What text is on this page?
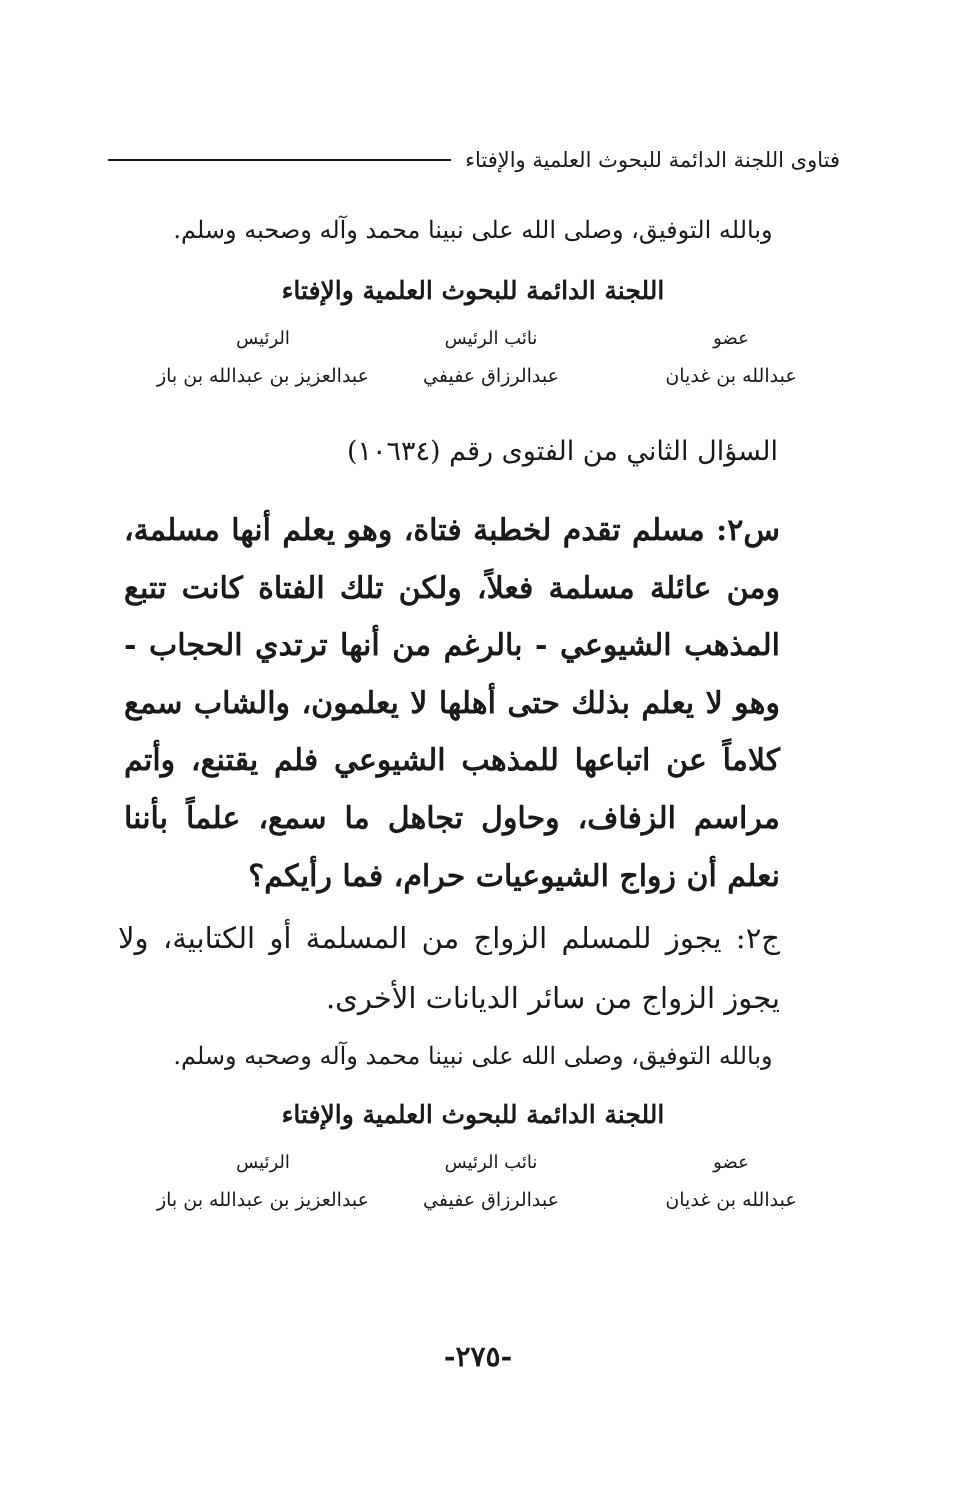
فتاوى اللجنة الدائمة للبحوث العلمية والإفتاء
وبالله التوفيق، وصلى الله على نبينا محمد وآله وصحبه وسلم.
اللجنة الدائمة للبحوث العلمية والإفتاء
عضو
عبدالله بن غديان
نائب الرئيس
عبدالرزاق عفيفي
الرئيس
عبدالعزيز بن عبدالله بن باز
السؤال الثاني من الفتوى رقم (١٠٦٣٤)
س٢: مسلم تقدم لخطبة فتاة، وهو يعلم أنها مسلمة، ومن عائلة مسلمة فعلاً، ولكن تلك الفتاة كانت تتبع المذهب الشيوعي - بالرغم من أنها ترتدي الحجاب - وهو لا يعلم بذلك حتى أهلها لا يعلمون، والشاب سمع كلاماً عن اتباعها للمذهب الشيوعي فلم يقتنع، وأتم مراسم الزفاف، وحاول تجاهل ما سمع، علماً بأننا نعلم أن زواج الشيوعيات حرام، فما رأيكم؟
ج٢: يجوز للمسلم الزواج من المسلمة أو الكتابية، ولا يجوز الزواج من سائر الديانات الأخرى.
وبالله التوفيق، وصلى الله على نبينا محمد وآله وصحبه وسلم.
اللجنة الدائمة للبحوث العلمية والإفتاء
عضو
عبدالله بن غديان
نائب الرئيس
عبدالرزاق عفيفي
الرئيس
عبدالعزيز بن عبدالله بن باز
-٢٧٥-
